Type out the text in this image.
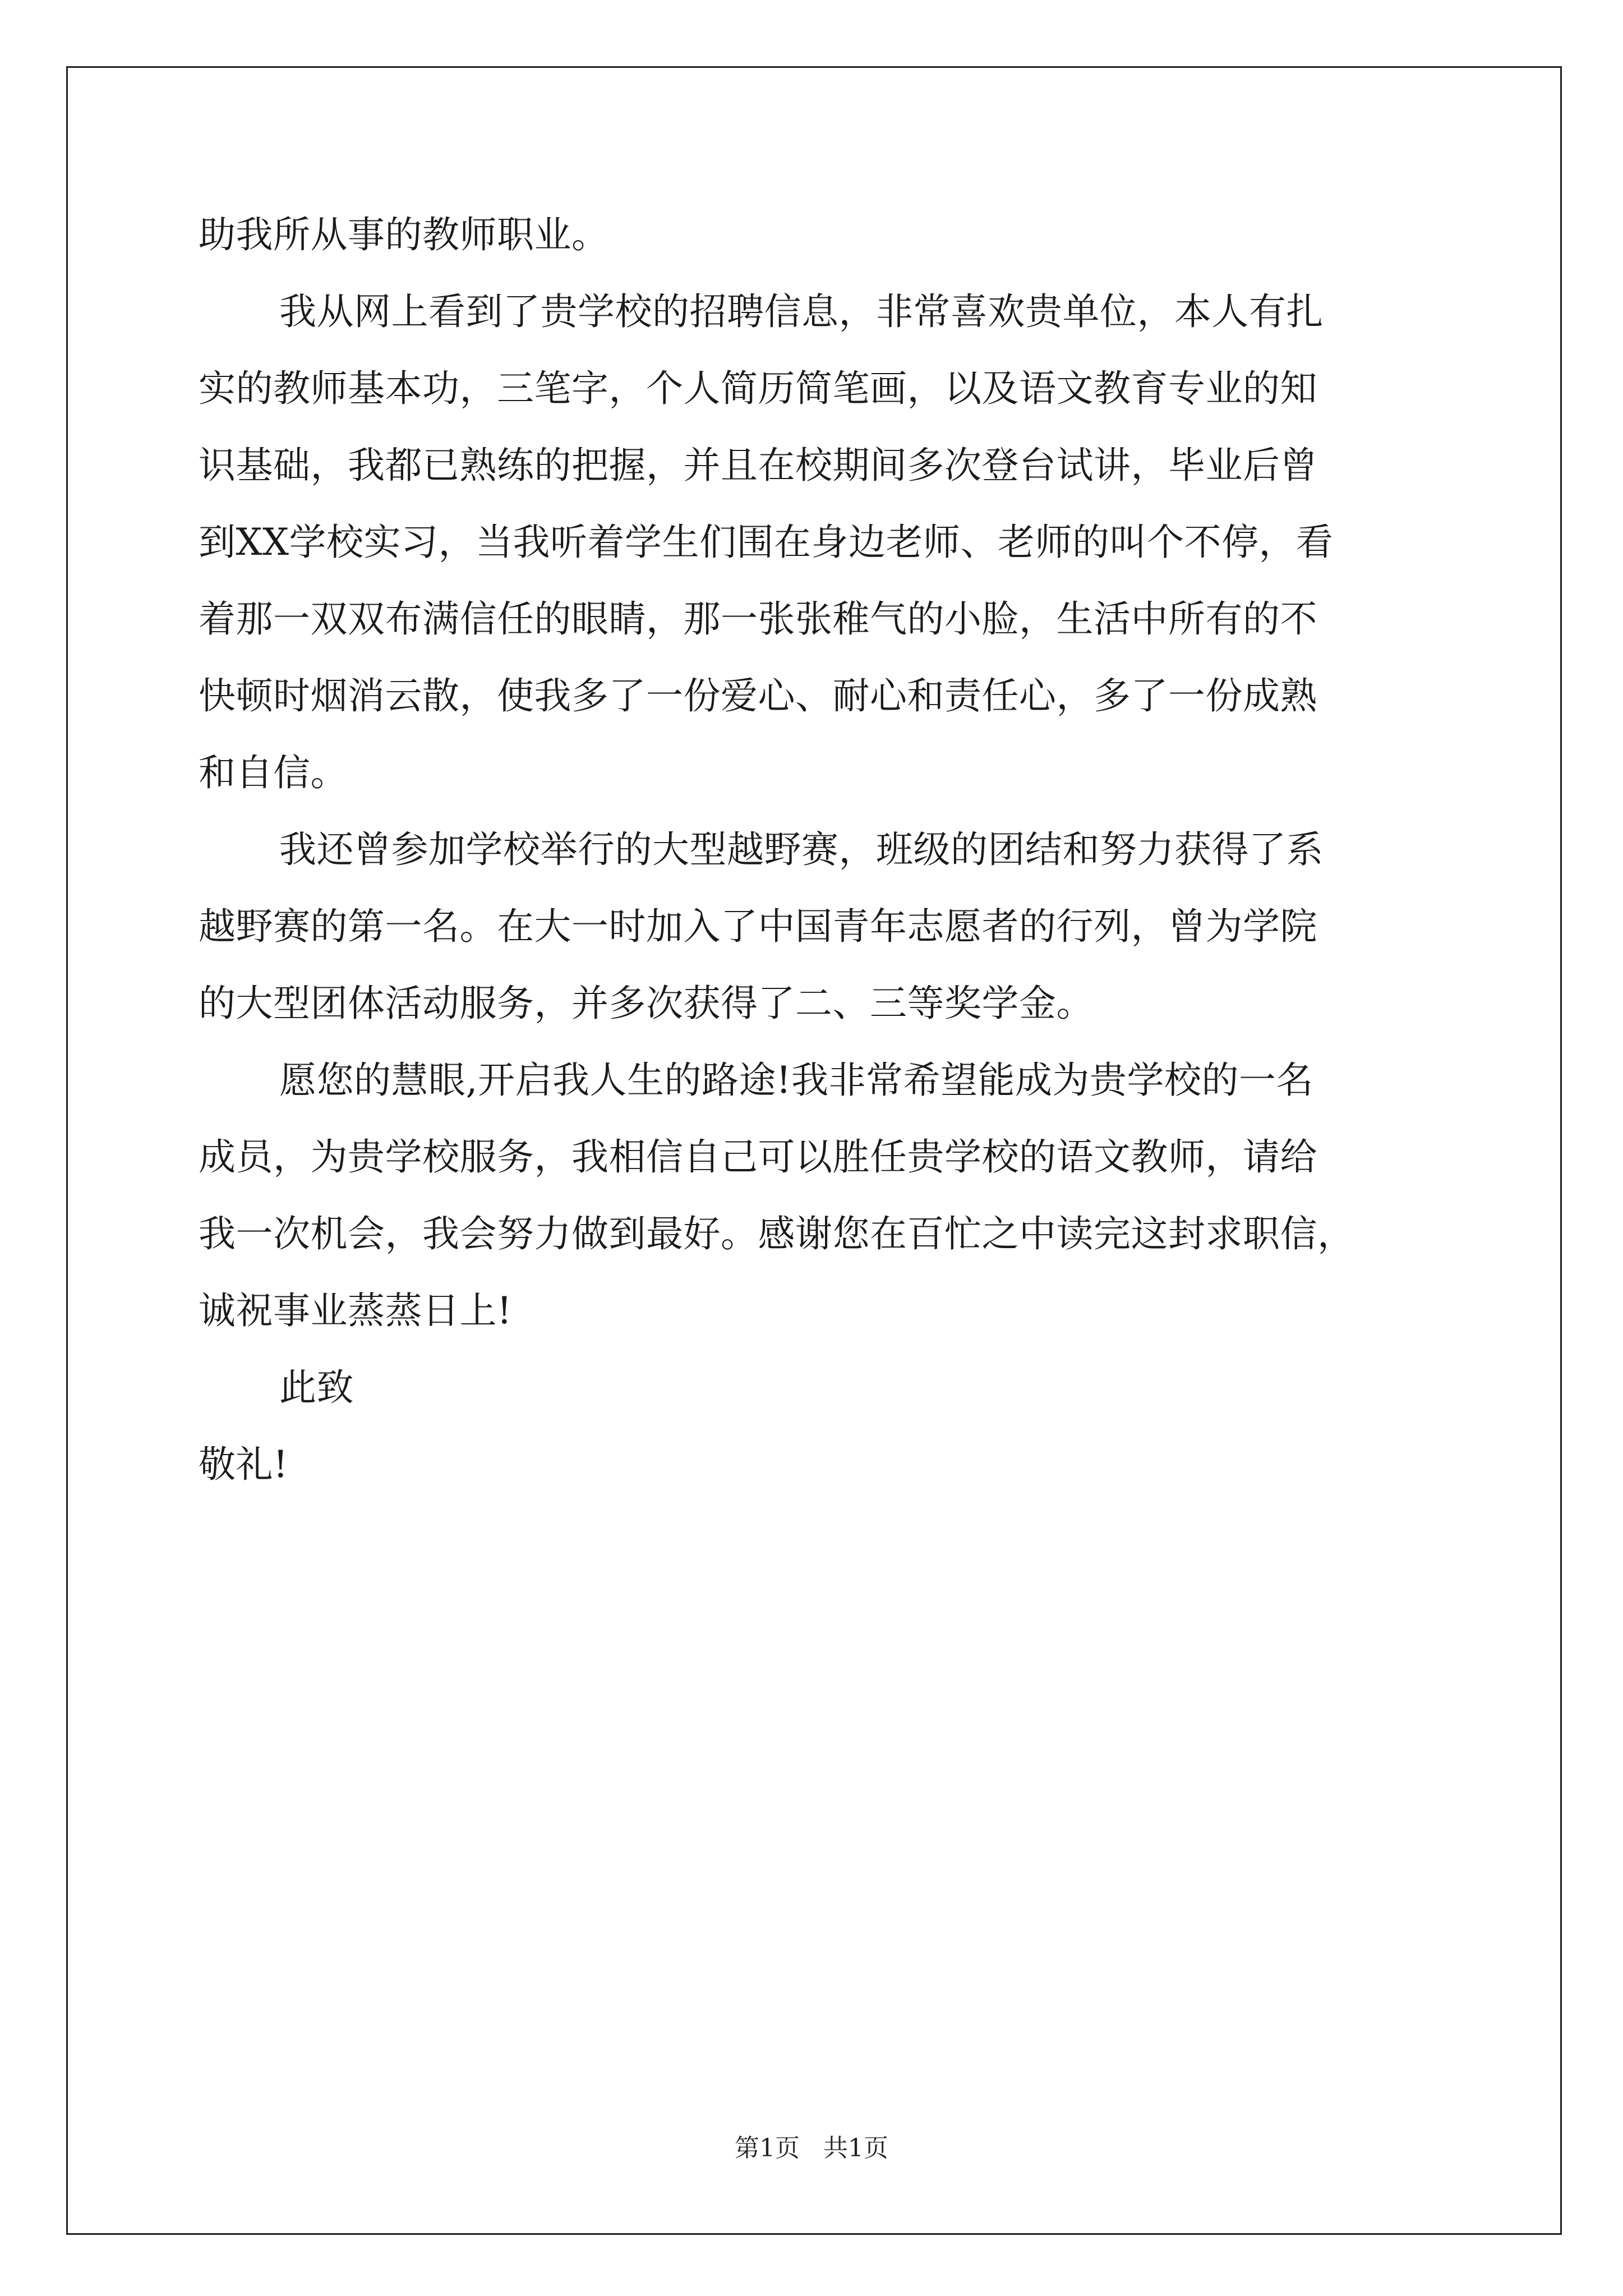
助我所从事的教师职业。
我从网上看到了贵学校的招聘信息，非常喜欢贵单位，本人有扎
实的教师基本功，三笔字，个人简历简笔画，以及语文教育专业的知
识基础，我都已熟练的把握，并且在校期间多次登台试讲，毕业后曾
到XX学校实习，当我听着学生们围在身边老师、老师的叫个不停，看
着那一双双布满信任的眼睛，那一张张稚气的小脸，生活中所有的不
快顿时烟消云散，使我多了一份爱心、耐心和责任心，多了一份成熟
和自信。
我还曾参加学校举行的大型越野赛，班级的团结和努力获得了系
越野赛的第一名。在大一时加入了中国青年志愿者的行列，曾为学院
的大型团体活动服务，并多次获得了二、三等奖学金。
愿您的慧眼,开启我人生的路途!我非常希望能成为贵学校的一名
成员，为贵学校服务，我相信自己可以胜任贵学校的语文教师，请给
我一次机会，我会努力做到最好。感谢您在百忙之中读完这封求职信，
诚祝事业蒸蒸日上!
此致
敬礼!
第1页   共1页
